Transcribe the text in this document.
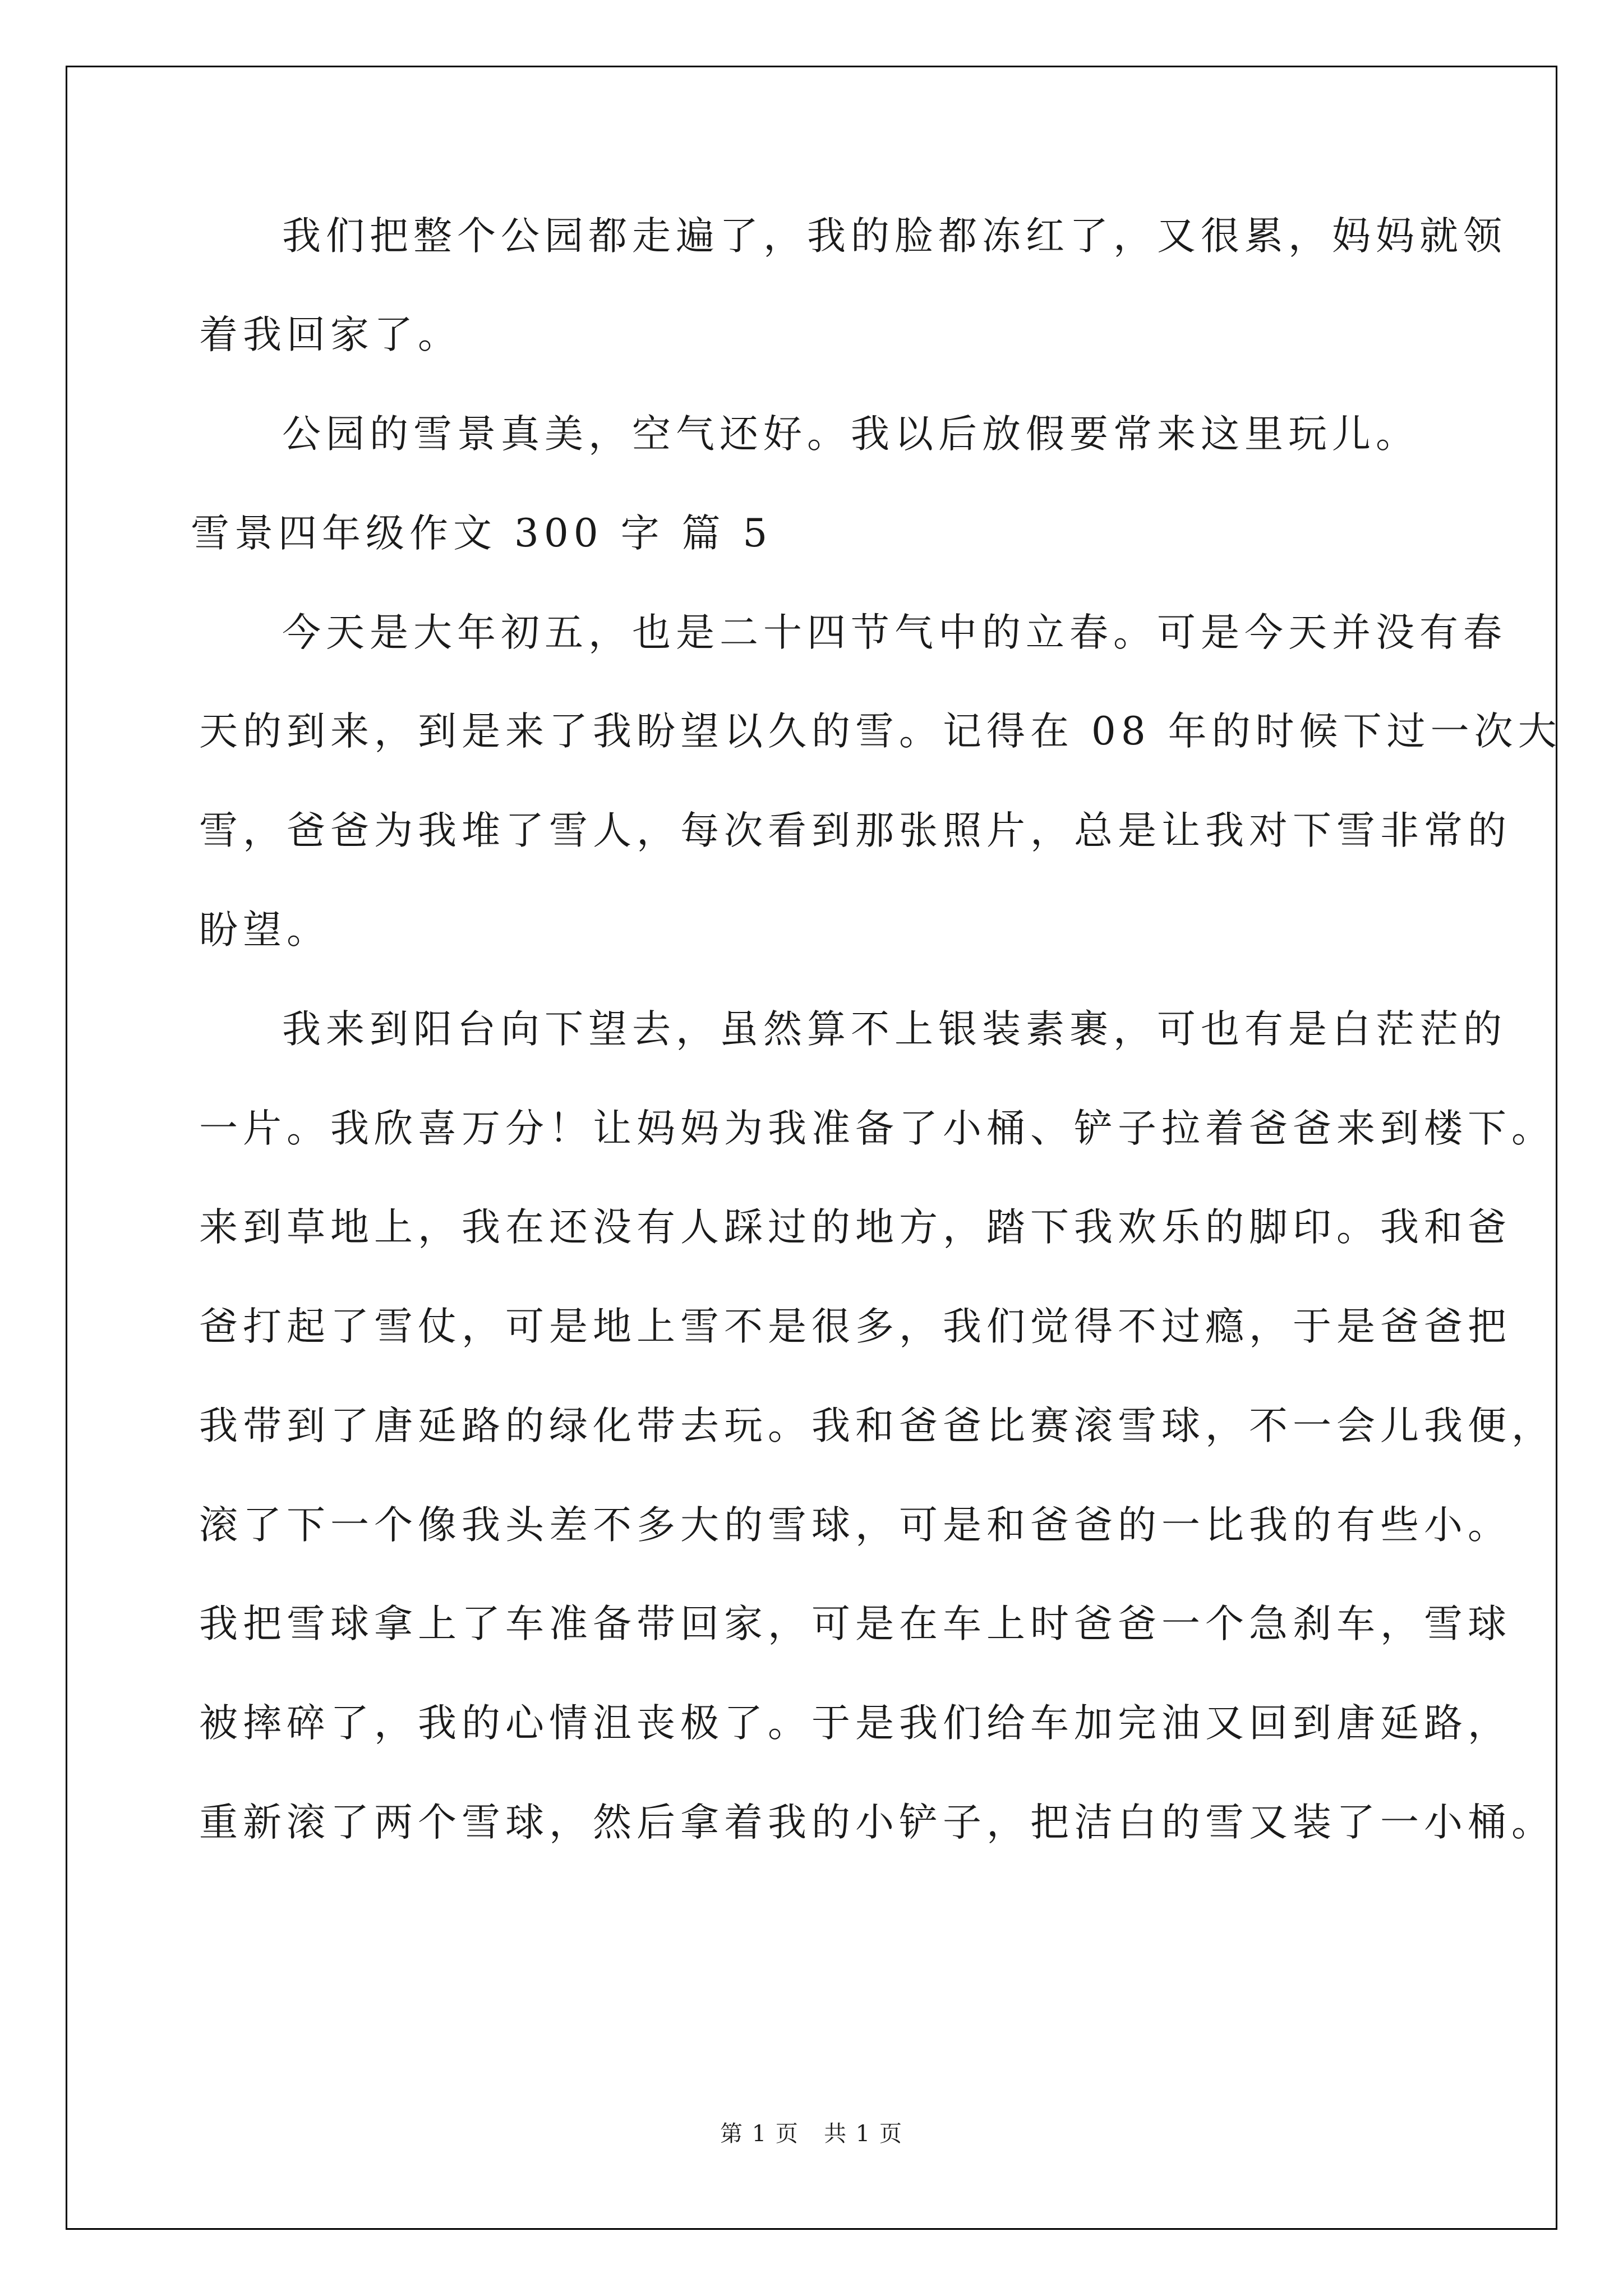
我们把整个公园都走遍了，我的脸都冻红了，又很累，妈妈就领
着我回家了。
公园的雪景真美，空气还好。我以后放假要常来这里玩儿。
雪景四年级作文 300 字 篇 5
今天是大年初五，也是二十四节气中的立春。可是今天并没有春
天的到来，到是来了我盼望以久的雪。记得在 08 年的时候下过一次大
雪，爸爸为我堆了雪人，每次看到那张照片，总是让我对下雪非常的
盼望。
我来到阳台向下望去，虽然算不上银装素裹，可也有是白茫茫的
一片。我欣喜万分！让妈妈为我准备了小桶、铲子拉着爸爸来到楼下。
来到草地上，我在还没有人踩过的地方，踏下我欢乐的脚印。我和爸
爸打起了雪仗，可是地上雪不是很多，我们觉得不过瘾，于是爸爸把
我带到了唐延路的绿化带去玩。我和爸爸比赛滚雪球，不一会儿我便，
滚了下一个像我头差不多大的雪球，可是和爸爸的一比我的有些小。
我把雪球拿上了车准备带回家，可是在车上时爸爸一个急刹车，雪球
被摔碎了，我的心情沮丧极了。于是我们给车加完油又回到唐延路，
重新滚了两个雪球，然后拿着我的小铲子，把洁白的雪又装了一小桶。
第 1 页   共 1 页
